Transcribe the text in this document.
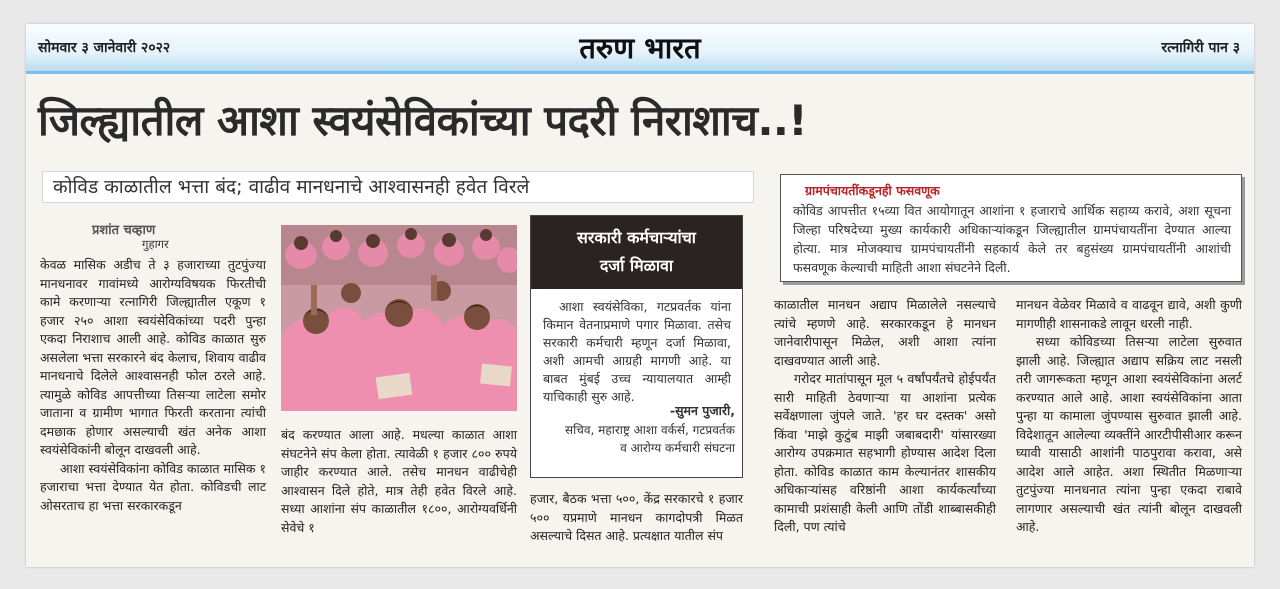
सोमवार ३ जानेवारी २०२२	तरुण भारत	रत्नागिरी पान ३
जिल्ह्यातील आशा स्वयंसेविकांच्या पदरी निराशाच..!
कोविड काळातील भत्ता बंद; वाढीव मानधनाचे आश्वासनही हवेत विरले	ग्रामपंचायतींकडूनही फसवणूक
कोविड आपत्तीत १५व्या वित आयोगातून आशांना १ हजाराचे आर्थिक सहाय्य करावे, अशा सूचना जिल्हा परिषदेच्या मुख्य कार्यकारी अधिकाऱ्यांकडून जिल्ह्यातील ग्रामपंचायतींना देण्यात आल्या होत्या. मात्र मोजक्याच ग्रामपंचायतींनी सहकार्य केले तर बहुसंख्य ग्रामपंचायतींनी आशांची फसवणूक केल्याची माहिती आशा संघटनेने दिली.
प्रशांत चव्हाण
गुहागर

केवळ मासिक अडीच ते ३ हजाराच्या तुटपुंज्या मानधनावर गावांमध्ये आरोग्यविषयक फिरतीची कामे करणाऱ्या रत्नागिरी जिल्ह्यातील एकूण १ हजार २५० आशा स्वयंसेविकांच्या पदरी पुन्हा एकदा निराशाच आली आहे. कोविड काळात सुरु असलेला भत्ता सरकारने बंद केलाच, शिवाय वाढीव मानधनाचे दिलेले आश्वासनही फोल ठरले आहे. त्यामुळे कोविड आपत्तीच्या तिसऱ्या लाटेला समोर जाताना व ग्रामीण भागात फिरती करताना त्यांची दमछाक होणार असल्याची खंत अनेक आशा स्वयंसेविकांनी बोलून दाखवली आहे.

आशा स्वयंसेविकांना कोविड काळात मासिक १ हजाराचा भत्ता देण्यात येत होता. कोविडची लाट ओसरताच हा भत्ता सरकारकडून

बंद करण्यात आला आहे. मधल्या काळात आशा संघटनेने संप केला होता. त्यावेळी १ हजार ८०० रुपये जाहीर करण्यात आले. तसेच मानधन वाढीचेही आश्वासन दिले होते, मात्र तेही हवेत विरले आहे. सध्या आशांना संप काळातील १८००, आरोग्यवर्धिनी सेवेचे १

सरकारी कर्मचाऱ्यांचा
दर्जा मिळावा
आशा स्वयंसेविका, गटप्रवर्तक यांना किमान वेतनाप्रमाणे पगार मिळावा. तसेच सरकारी कर्मचारी म्हणून दर्जा मिळावा, अशी आमची आग्रही मागणी आहे. या बाबत मुंबई उच्च न्यायालयात आम्ही याचिकाही सुरु आहे.
-सुमन पुजारी,
सचिव, महाराष्ट्र आशा वर्कर्स, गटप्रवर्तक
व आरोग्य कर्मचारी संघटना

हजार, बैठक भत्ता ५००, केंद्र सरकारचे १ हजार ५०० यप्रमाणे मानधन कागदोपत्री मिळत असल्याचे दिसत आहे. प्रत्यक्षात यातील संप

काळातील मानधन अद्याप मिळालेले नसल्याचे त्यांचे म्हणणे आहे. सरकारकडून हे मानधन जानेवारीपासून मिळेल, अशी आशा त्यांना दाखवण्यात आली आहे.

गरोदर मातांपासून मूल ५ वर्षांपर्यंतचे होईपर्यंत सारी माहिती ठेवणाऱ्या या आशांना प्रत्येक सर्वेक्षणाला जुंपले जाते. 'हर घर दस्तक' असो किंवा 'माझे कुटुंब माझी जबाबदारी' यांसारख्या आरोग्य उपक्रमात सहभागी होण्यास आदेश दिला होता. कोविड काळात काम केल्यानंतर शासकीय अधिकाऱ्यांसह वरिष्ठांनी आशा कार्यकर्त्यांच्या कामाची प्रशंसाही केली आणि तोंडी शाब्बासकीही दिली, पण त्यांचे

मानधन वेळेवर मिळावे व वाढवून द्यावे, अशी कुणी मागणीही शासनाकडे लावून धरली नाही.

सध्या कोविडच्या तिसऱ्या लाटेला सुरुवात झाली आहे. जिल्ह्यात अद्याप सक्रिय लाट नसली तरी जागरूकता म्हणून आशा स्वयंसेविकांना अलर्ट करण्यात आले आहे. आशा स्वयंसेविकांना आता पुन्हा या कामाला जुंपण्यास सुरुवात झाली आहे. विदेशातून आलेल्या व्यक्तींने आरटीपीसीआर करून घ्यावी यासाठी आशांनी पाठपुरावा करावा, असे आदेश आले आहेत. अशा स्थितीत मिळणाऱ्या तुटपुंज्या मानधनात त्यांना पुन्हा एकदा राबावे लागणार असल्याची खंत त्यांनी बोलून दाखवली आहे.
